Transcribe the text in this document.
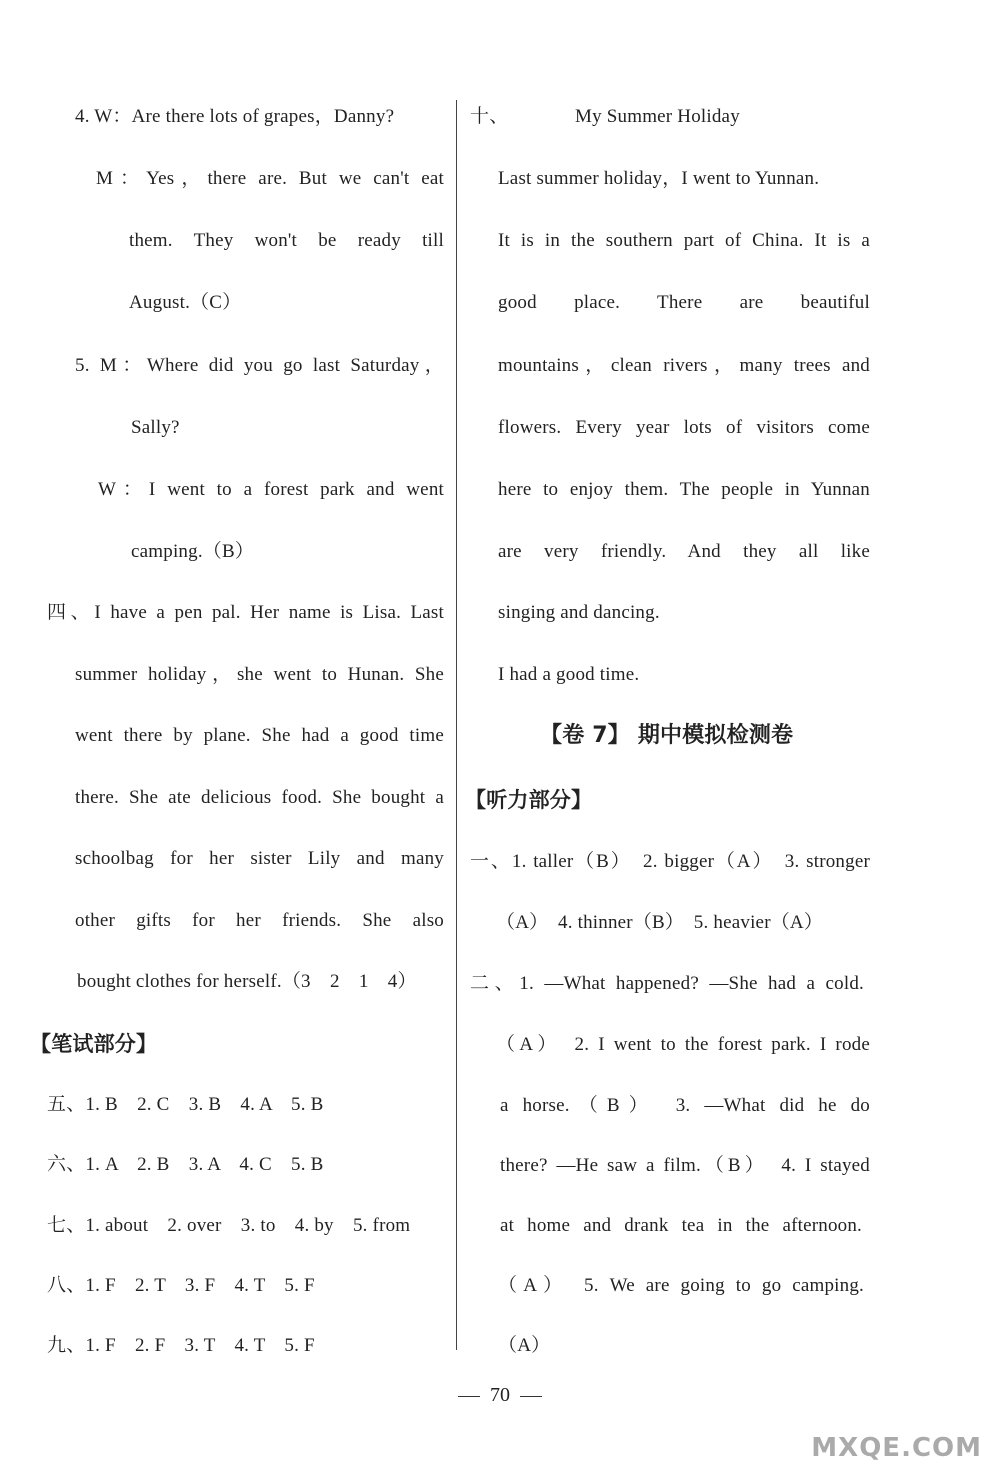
4. W：Are there lots of grapes，Danny?
M：Yes，there are. But we can't eat
them. They won't be ready till
August.（C）
5. M：Where did you go last Saturday，
Sally?
W：I went to a forest park and went
camping.（B）
四、I have a pen pal. Her name is Lisa. Last
summer holiday，she went to Hunan. She
went there by plane. She had a good time
there. She ate delicious food. She bought a
schoolbag for her sister Lily and many
other gifts for her friends. She also
bought clothes for herself.（3　2　1　4）
【笔试部分】
五、1. B　2. C　3. B　4. A　5. B
六、1. A　2. B　3. A　4. C　5. B
七、1. about　2. over　3. to　4. by　5. from
八、1. F　2. T　3. F　4. T　5. F
九、1. F　2. F　3. T　4. T　5. F
十、	My Summer Holiday
Last summer holiday，I went to Yunnan.
It is in the southern part of China. It is a
good place. There are beautiful
mountains，clean rivers，many trees and
flowers. Every year lots of visitors come
here to enjoy them. The people in Yunnan
are very friendly. And they all like
singing and dancing.
I had a good time.
【卷 7】 期中模拟检测卷
【听力部分】
一、1. taller（B）　2. bigger（A）　3. stronger
（A）　4. thinner（B）　5. heavier（A）
二、1. —What happened? —She had a cold.
（A）　2. I went to the forest park. I rode
a horse.（B）　3. —What did he do
there? —He saw a film.（B）　4. I stayed
at home and drank tea in the afternoon.
（A）　5. We are going to go camping.
（A）
70
MXQE.COM
